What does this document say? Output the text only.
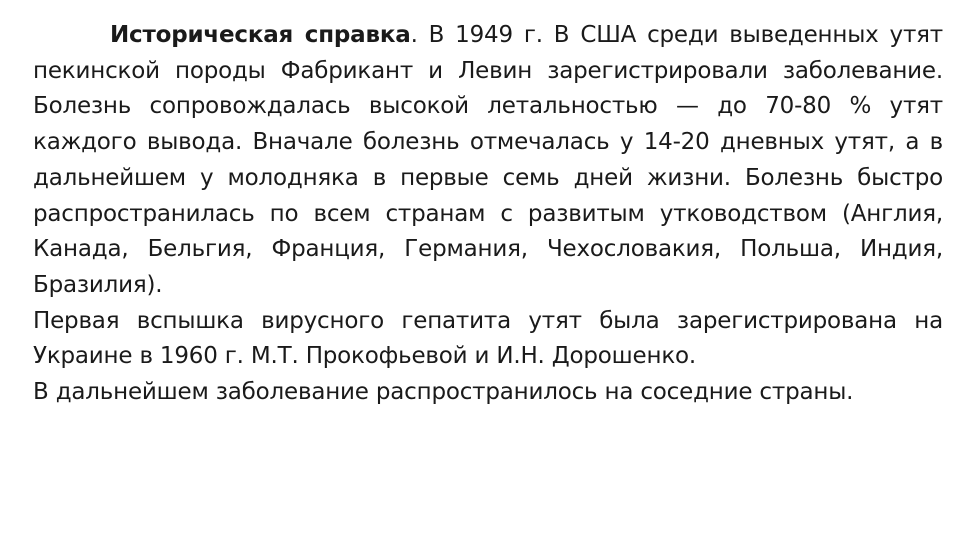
Историческая справка. В 1949 г. В США среди выведенных утят пекинской породы Фабрикант и Левин зарегистрировали заболевание. Болезнь сопровождалась высокой летальностью — до 70-80 % утят каждого вывода. Вначале болезнь отмечалась у 14-20 дневных утят, а в дальнейшем у молодняка в первые семь дней жизни. Болезнь быстро распространилась по всем странам с развитым утководством (Англия, Канада, Бельгия, Франция, Германия, Чехословакия, Польша, Индия, Бразилия).

Первая вспышка вирусного гепатита утят была зарегистрирована на Украине в 1960 г. М.Т. Прокофьевой и И.Н. Дорошенко.

В дальнейшем заболевание распространилось на соседние страны.
